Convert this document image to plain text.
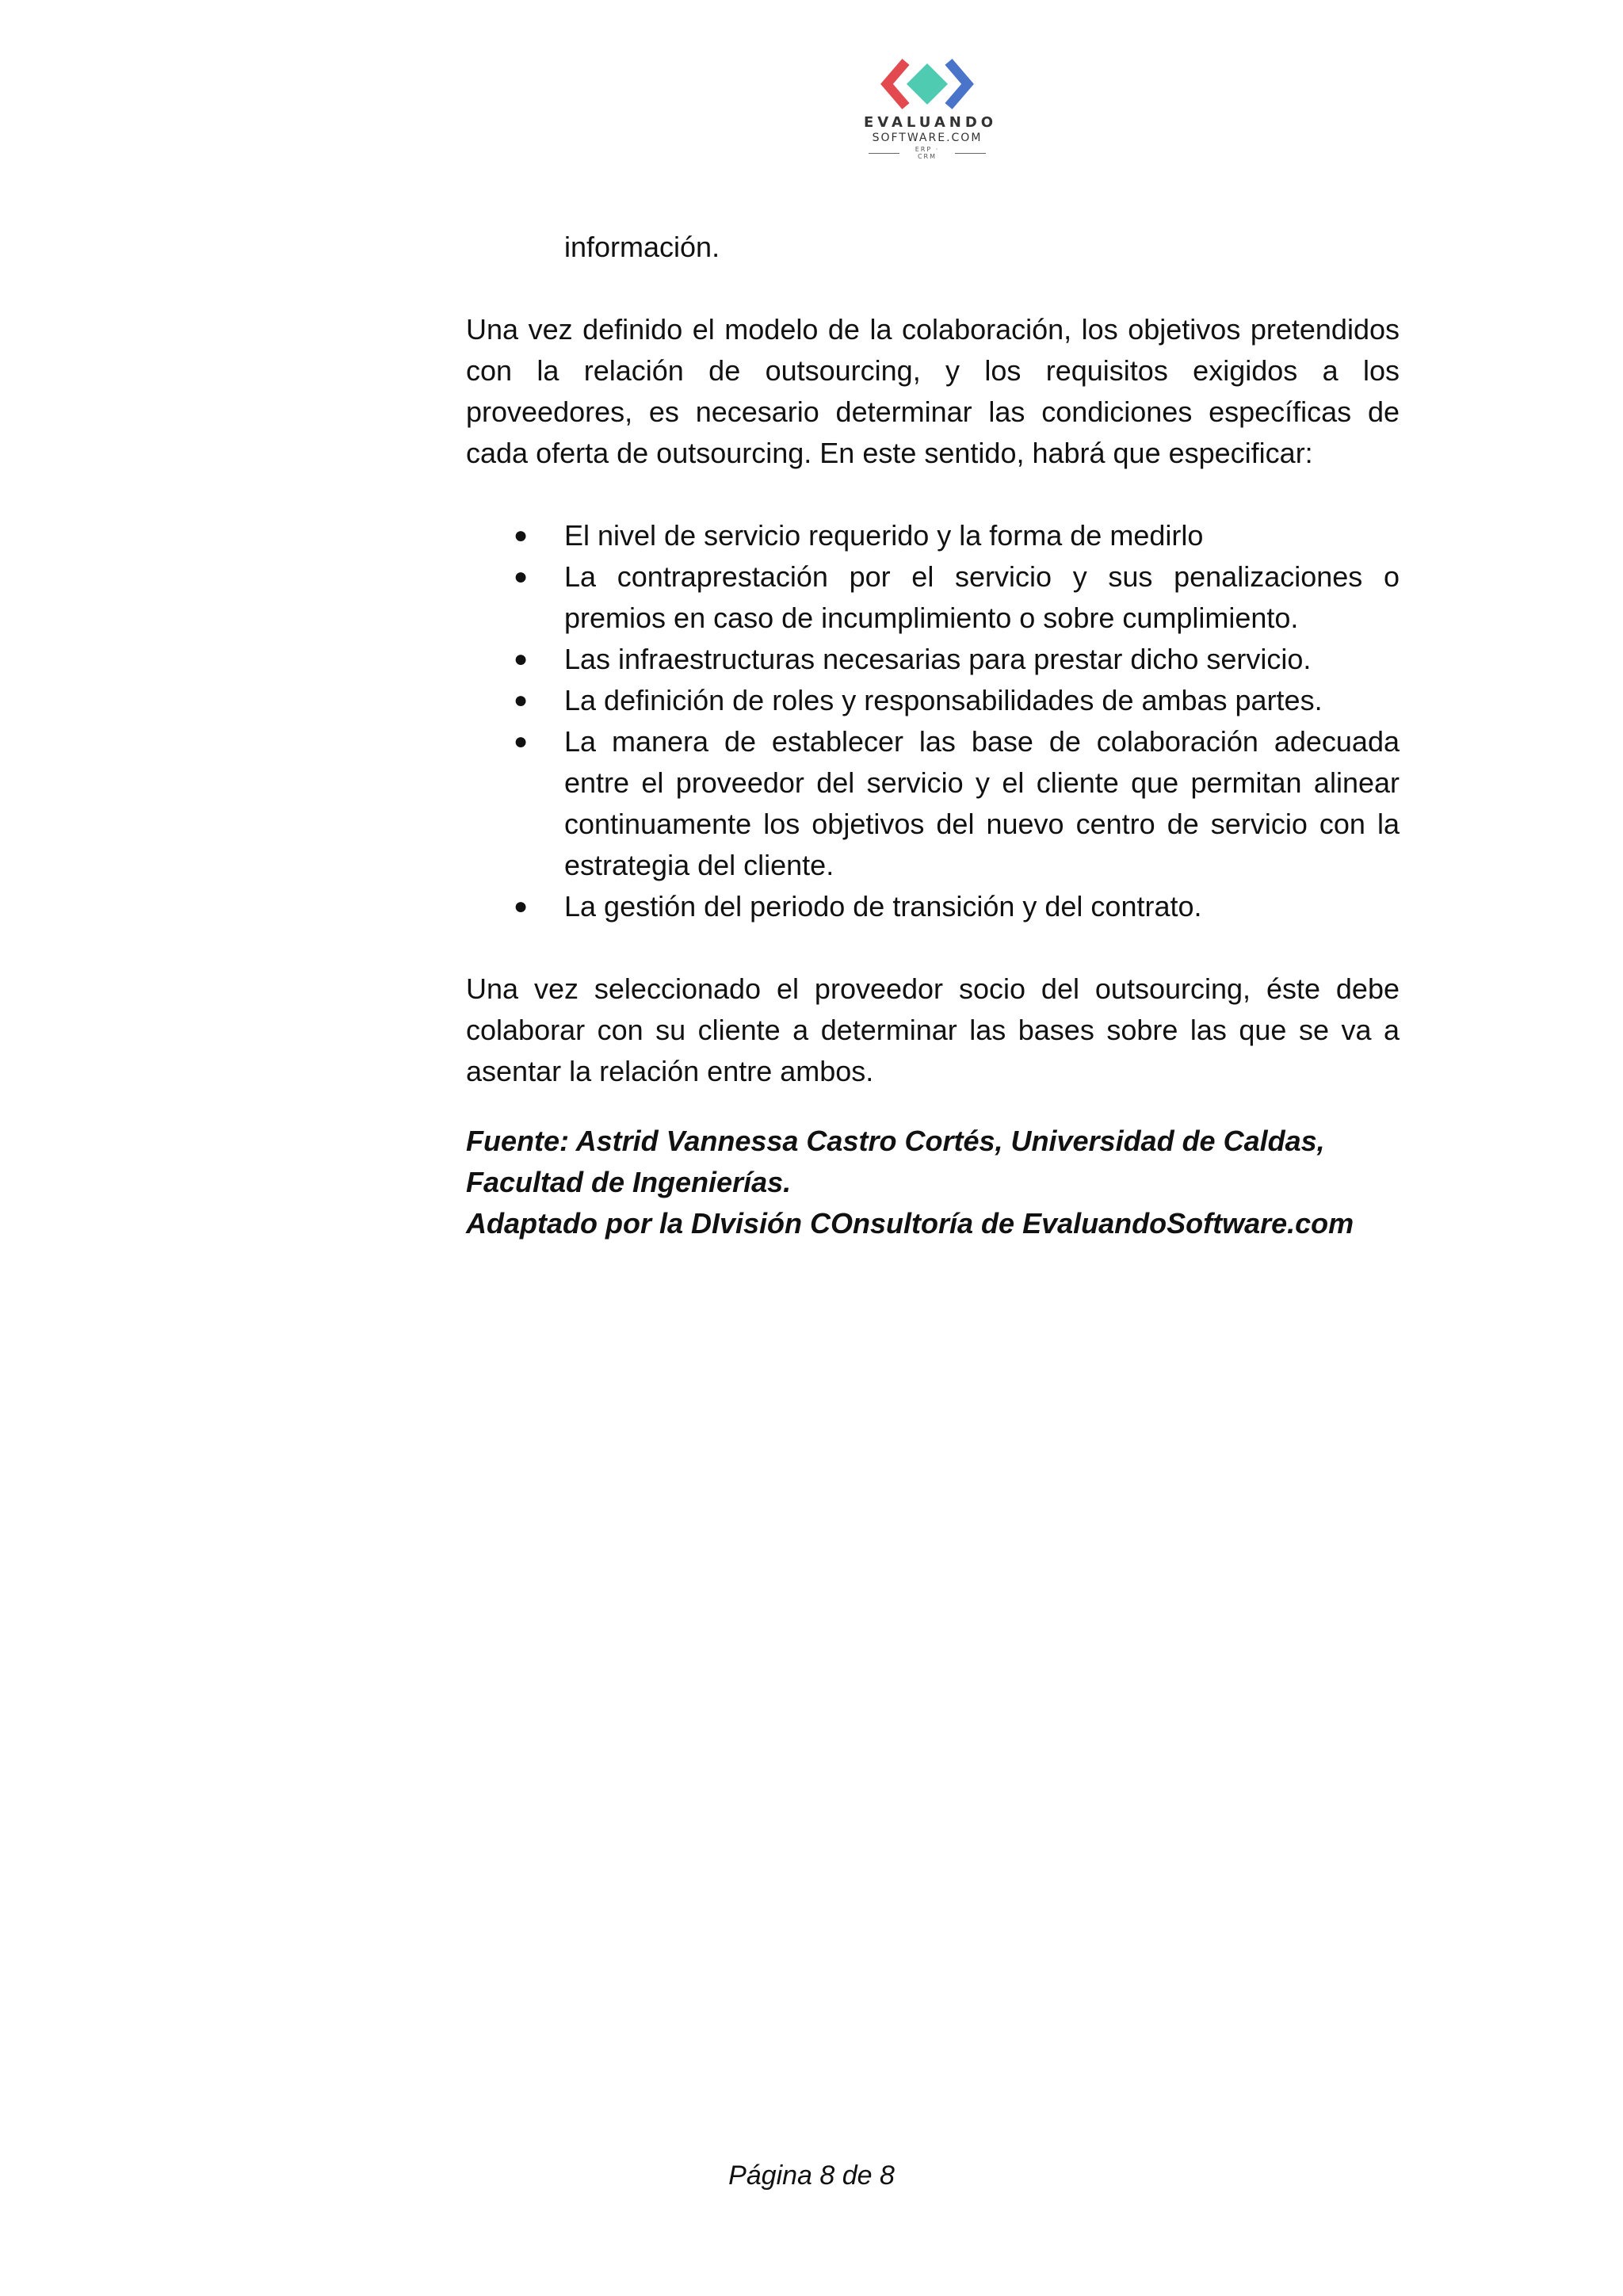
EVALUANDO
SOFTWARE.COM
ERP · CRM

información.

Una vez definido el modelo de la colaboración, los objetivos pretendidos con la relación de outsourcing, y los requisitos exigidos a los proveedores, es necesario determinar las condiciones específicas de cada oferta de outsourcing. En este sentido, habrá que especificar:

● El nivel de servicio requerido y la forma de medirlo
● La contraprestación por el servicio y sus penalizaciones o premios en caso de incumplimiento o sobre cumplimiento.
● Las infraestructuras necesarias para prestar dicho servicio.
● La definición de roles y responsabilidades de ambas partes.
● La manera de establecer las base de colaboración adecuada entre el proveedor del servicio y el cliente que permitan alinear continuamente los objetivos del nuevo centro de servicio con la estrategia del cliente.
● La gestión del periodo de transición y del contrato.

Una vez seleccionado el proveedor socio del outsourcing, éste debe colaborar con su cliente a determinar las bases sobre las que se va a asentar la relación entre ambos.

Fuente: Astrid Vannessa Castro Cortés, Universidad de Caldas, Facultad de Ingenierías.
Adaptado por la DIvisión COnsultoría de EvaluandoSoftware.com

Página 8 de 8
